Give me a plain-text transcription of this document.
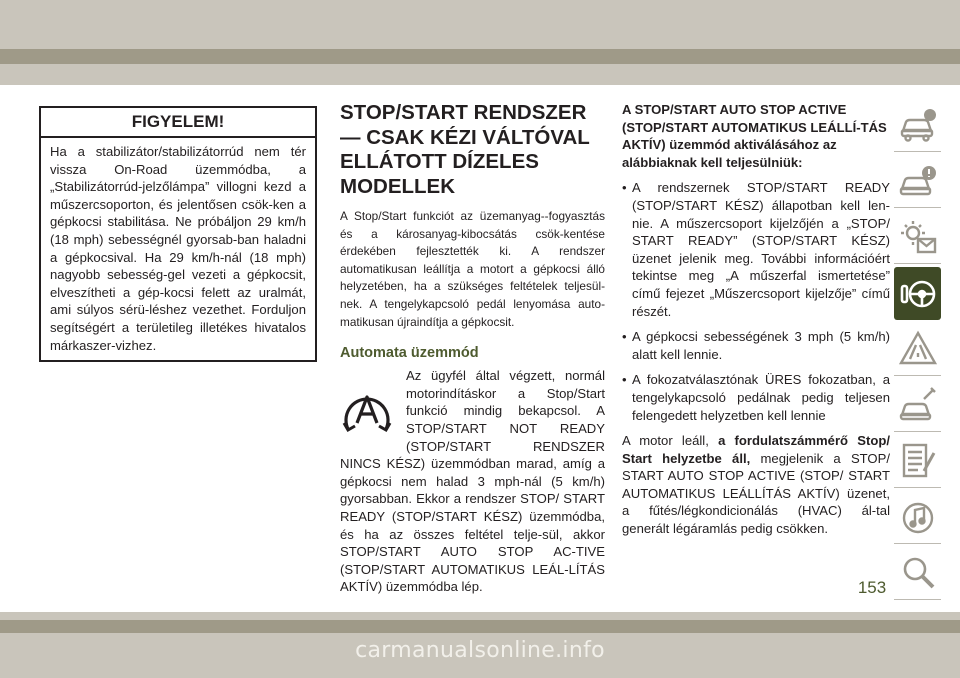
FIGYELEM!
Ha a stabilizátor/stabilizátorrúd nem tér vissza On-Road üzemmódba, a „Stabilizátorrúd-jelzőlámpa” villogni kezd a műszercsoporton, és jelentősen csök-ken a gépkocsi stabilitása. Ne próbáljon 29 km/h (18 mph) sebességnél gyorsab-ban haladni a gépkocsival. Ha 29 km/h-nál (18 mph) nagyobb sebesség-gel vezeti a gépkocsit, elveszítheti a gép-kocsi felett az uralmát, ami súlyos sérü-léshez vezethet. Forduljon segítségért a területileg illetékes hivatalos márkaszer-vizhez.
STOP/START RENDSZER — CSAK KÉZI VÁLTÓVAL ELLÁTOTT DÍZELES MODELLEK

A Stop/Start funkciót az üzemanyag--fogyasztás és a károsanyag-kibocsátás csök-kentése érdekében fejlesztették ki. A rendszer automatikusan leállítja a motort a gépkocsi álló helyzetében, ha a szükséges feltételek teljesül-nek. A tengelykapcsoló pedál lenyomása auto-matikusan újraindítja a gépkocsit.

Automata üzemmód

Az ügyfél által végzett, normál motorindításkor a Stop/Start funkció mindig bekapcsol. A STOP/START NOT READY (STOP/START RENDSZER NINCS KÉSZ) üzemmódban marad, amíg a gépkocsi nem halad 3 mph-nál (5 km/h) gyorsabban. Ekkor a rendszer STOP/ START READY (STOP/START KÉSZ) üzemmódba, és ha az összes feltétel telje-sül, akkor STOP/START AUTO STOP AC-TIVE (STOP/START AUTOMATIKUS LEÁL-LÍTÁS AKTÍV) üzemmódba lép.

A STOP/START AUTO STOP ACTIVE (STOP/START AUTOMATIKUS LEÁLLÍ-TÁS AKTÍV) üzemmód aktiválásához az alábbiaknak kell teljesülniük:

• A rendszernek STOP/START READY (STOP/START KÉSZ) állapotban kell len-nie. A műszercsoport kijelzőjén a „STOP/ START READY” (STOP/START KÉSZ) üzenet jelenik meg. További információért tekintse meg „A műszerfal ismertetése” című fejezet „Műszercsoport kijelzője” című részét.
• A gépkocsi sebességének 3 mph (5 km/h) alatt kell lennie.
• A fokozatválasztónak ÜRES fokozatban, a tengelykapcsoló pedálnak pedig teljesen felengedett helyzetben kell lennie

A motor leáll, a fordulatszámmérő Stop/ Start helyzetbe áll, megjelenik a STOP/ START AUTO STOP ACTIVE (STOP/ START AUTOMATIKUS LEÁLLÍTÁS AKTÍV) üzenet, a fűtés/légkondicionálás (HVAC) ál-tal generált légáramlás pedig csökken.

153
carmanualsonline.info
